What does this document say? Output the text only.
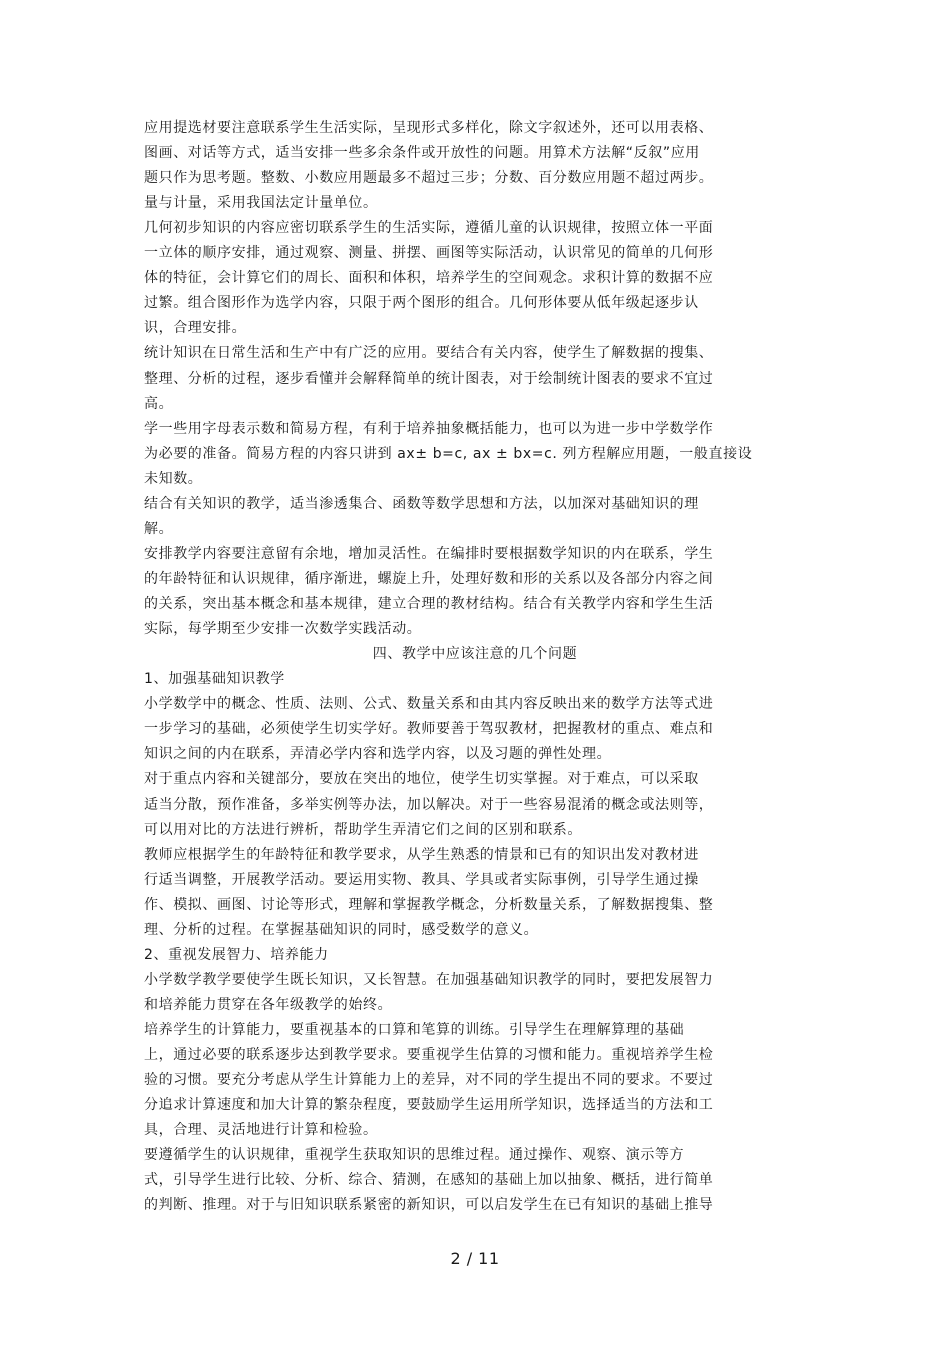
应用提选材要注意联系学生生活实际，呈现形式多样化，除文字叙述外，还可以用表格、
图画、对话等方式，适当安排一些多余条件或开放性的问题。用算术方法解“反叙”应用
题只作为思考题。整数、小数应用题最多不超过三步；分数、百分数应用题不超过两步。
量与计量，采用我国法定计量单位。
几何初步知识的内容应密切联系学生的生活实际，遵循儿童的认识规律，按照立体一平面
一立体的顺序安排，通过观察、测量、拼摆、画图等实际活动，认识常见的简单的几何形
体的特征，会计算它们的周长、面积和体积，培养学生的空间观念。求积计算的数据不应
过繁。组合图形作为选学内容，只限于两个图形的组合。几何形体要从低年级起逐步认
识，合理安排。
统计知识在日常生活和生产中有广泛的应用。要结合有关内容，使学生了解数据的搜集、
整理、分析的过程，逐步看懂并会解释简单的统计图表，对于绘制统计图表的要求不宜过
高。
学一些用字母表示数和简易方程，有利于培养抽象概括能力，也可以为进一步中学数学作
为必要的准备。简易方程的内容只讲到 ax± b=c, ax ± bx=c. 列方程解应用题，一般直接设
未知数。
结合有关知识的教学，适当渗透集合、函数等数学思想和方法，以加深对基础知识的理
解。
安排教学内容要注意留有余地，增加灵活性。在编排时要根据数学知识的内在联系，学生
的年龄特征和认识规律，循序渐进，螺旋上升，处理好数和形的关系以及各部分内容之间
的关系，突出基本概念和基本规律，建立合理的教材结构。结合有关教学内容和学生生活
实际，每学期至少安排一次数学实践活动。
四、教学中应该注意的几个问题
1、加强基础知识教学
小学数学中的概念、性质、法则、公式、数量关系和由其内容反映出来的数学方法等式进
一步学习的基础，必须使学生切实学好。教师要善于驾驭教材，把握教材的重点、难点和
知识之间的内在联系，弄清必学内容和选学内容，以及习题的弹性处理。
对于重点内容和关键部分，要放在突出的地位，使学生切实掌握。对于难点，可以采取
适当分散，预作准备，多举实例等办法，加以解决。对于一些容易混淆的概念或法则等，
可以用对比的方法进行辨析，帮助学生弄清它们之间的区别和联系。
教师应根据学生的年龄特征和教学要求，从学生熟悉的情景和已有的知识出发对教材进
行适当调整，开展教学活动。要运用实物、教具、学具或者实际事例，引导学生通过操
作、模拟、画图、讨论等形式，理解和掌握教学概念，分析数量关系，了解数据搜集、整
理、分析的过程。在掌握基础知识的同时，感受数学的意义。
2、重视发展智力、培养能力
小学数学教学要使学生既长知识，又长智慧。在加强基础知识教学的同时，要把发展智力
和培养能力贯穿在各年级教学的始终。
培养学生的计算能力，要重视基本的口算和笔算的训练。引导学生在理解算理的基础
上，通过必要的联系逐步达到教学要求。要重视学生估算的习惯和能力。重视培养学生检
验的习惯。要充分考虑从学生计算能力上的差异，对不同的学生提出不同的要求。不要过
分追求计算速度和加大计算的繁杂程度，要鼓励学生运用所学知识，选择适当的方法和工
具，合理、灵活地进行计算和检验。
要遵循学生的认识规律，重视学生获取知识的思维过程。通过操作、观察、演示等方
式，引导学生进行比较、分析、综合、猜测，在感知的基础上加以抽象、概括，进行简单
的判断、推理。对于与旧知识联系紧密的新知识，可以启发学生在已有知识的基础上推导
2 / 11
